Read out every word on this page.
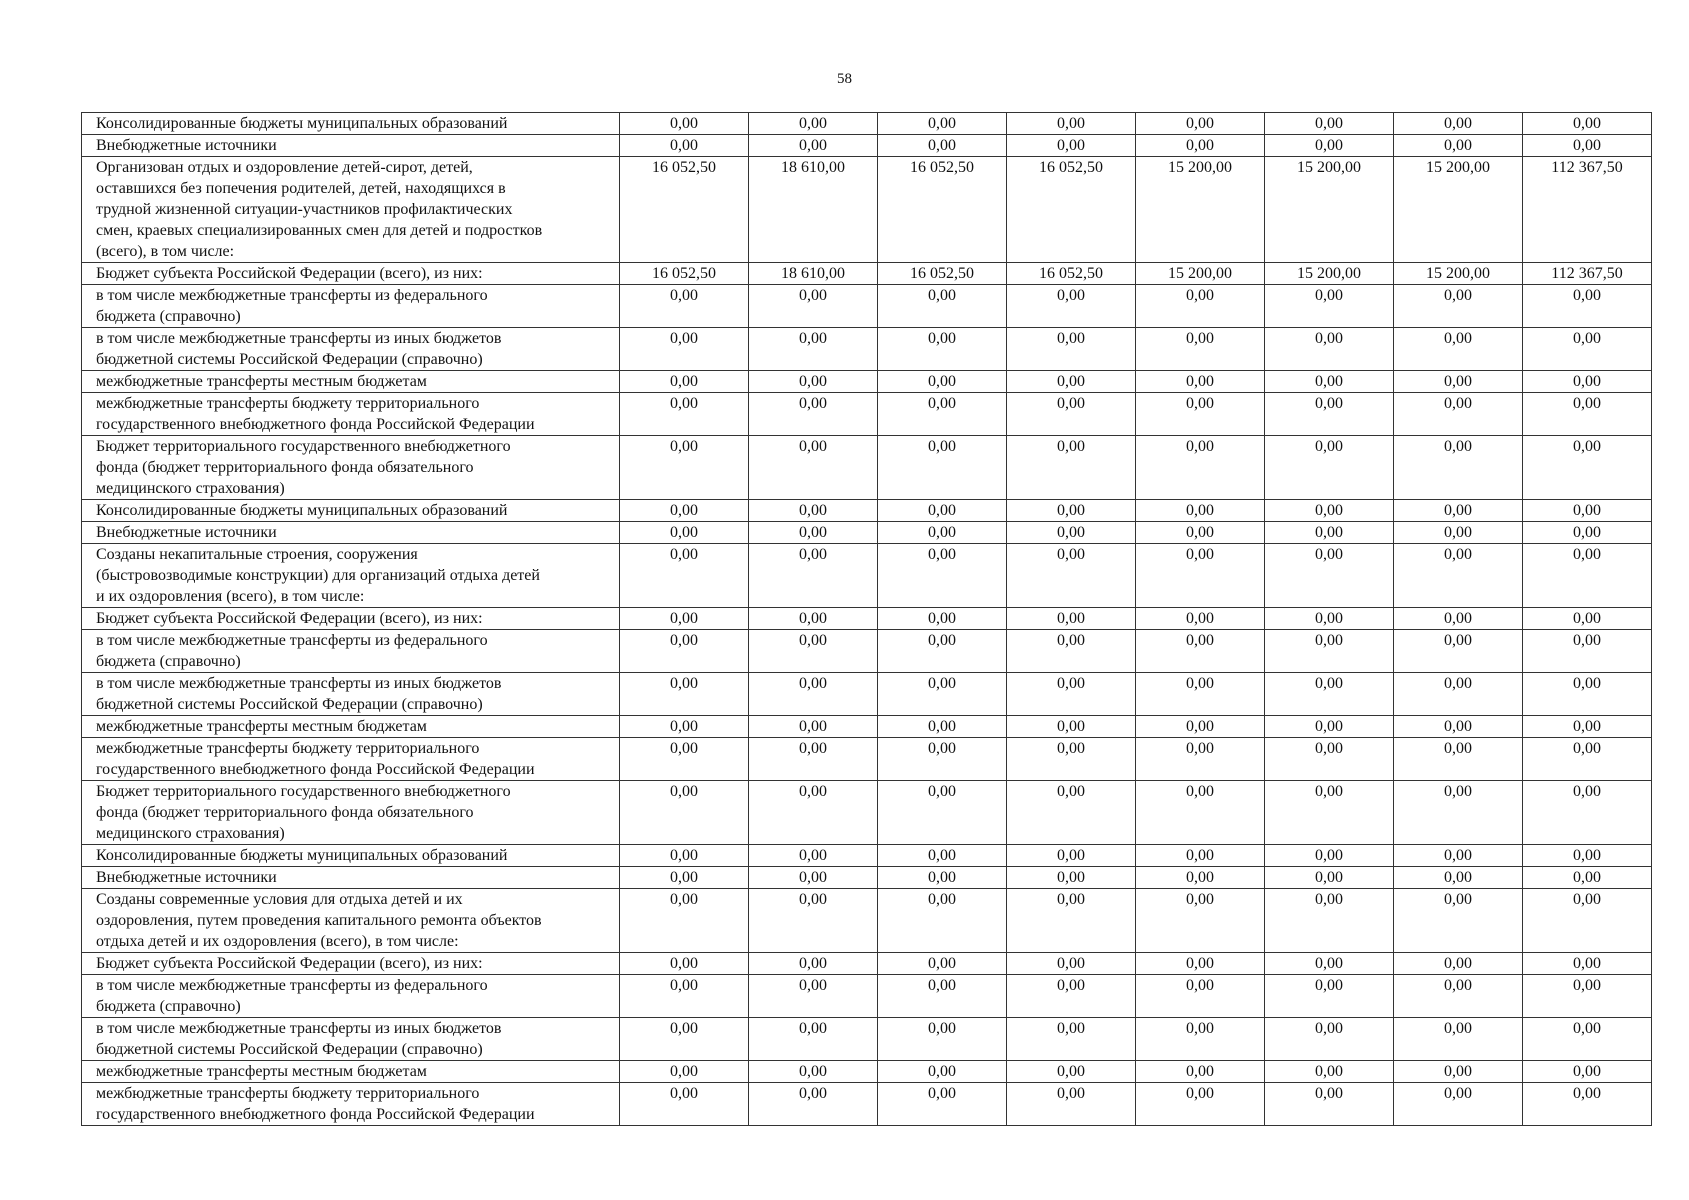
58
Консолидированные бюджеты муниципальных образований	0,00	0,00	0,00	0,00	0,00	0,00	0,00	0,00
Внебюджетные источники	0,00	0,00	0,00	0,00	0,00	0,00	0,00	0,00
Организован отдых и оздоровление детей-сирот, детей,
оставшихся без попечения родителей, детей, находящихся в
трудной жизненной ситуации-участников профилактических
смен, краевых специализированных смен для детей и подростков
(всего), в том числе:	16 052,50	18 610,00	16 052,50	16 052,50	15 200,00	15 200,00	15 200,00	112 367,50
Бюджет субъекта Российской Федерации (всего), из них:	16 052,50	18 610,00	16 052,50	16 052,50	15 200,00	15 200,00	15 200,00	112 367,50
в том числе межбюджетные трансферты из федерального
бюджета (справочно)	0,00	0,00	0,00	0,00	0,00	0,00	0,00	0,00
в том числе межбюджетные трансферты из иных бюджетов
бюджетной системы Российской Федерации (справочно)	0,00	0,00	0,00	0,00	0,00	0,00	0,00	0,00
межбюджетные трансферты местным бюджетам	0,00	0,00	0,00	0,00	0,00	0,00	0,00	0,00
межбюджетные трансферты бюджету территориального
государственного внебюджетного фонда Российской Федерации	0,00	0,00	0,00	0,00	0,00	0,00	0,00	0,00
Бюджет территориального государственного внебюджетного
фонда (бюджет территориального фонда обязательного
медицинского страхования)	0,00	0,00	0,00	0,00	0,00	0,00	0,00	0,00
Консолидированные бюджеты муниципальных образований	0,00	0,00	0,00	0,00	0,00	0,00	0,00	0,00
Внебюджетные источники	0,00	0,00	0,00	0,00	0,00	0,00	0,00	0,00
Созданы некапитальные строения, сооружения
(быстровозводимые конструкции) для организаций отдыха детей
и их оздоровления (всего), в том числе:	0,00	0,00	0,00	0,00	0,00	0,00	0,00	0,00
Бюджет субъекта Российской Федерации (всего), из них:	0,00	0,00	0,00	0,00	0,00	0,00	0,00	0,00
в том числе межбюджетные трансферты из федерального
бюджета (справочно)	0,00	0,00	0,00	0,00	0,00	0,00	0,00	0,00
в том числе межбюджетные трансферты из иных бюджетов
бюджетной системы Российской Федерации (справочно)	0,00	0,00	0,00	0,00	0,00	0,00	0,00	0,00
межбюджетные трансферты местным бюджетам	0,00	0,00	0,00	0,00	0,00	0,00	0,00	0,00
межбюджетные трансферты бюджету территориального
государственного внебюджетного фонда Российской Федерации	0,00	0,00	0,00	0,00	0,00	0,00	0,00	0,00
Бюджет территориального государственного внебюджетного
фонда (бюджет территориального фонда обязательного
медицинского страхования)	0,00	0,00	0,00	0,00	0,00	0,00	0,00	0,00
Консолидированные бюджеты муниципальных образований	0,00	0,00	0,00	0,00	0,00	0,00	0,00	0,00
Внебюджетные источники	0,00	0,00	0,00	0,00	0,00	0,00	0,00	0,00
Созданы современные условия для отдыха детей и их
оздоровления, путем проведения капитального ремонта объектов
отдыха детей и их оздоровления (всего), в том числе:	0,00	0,00	0,00	0,00	0,00	0,00	0,00	0,00
Бюджет субъекта Российской Федерации (всего), из них:	0,00	0,00	0,00	0,00	0,00	0,00	0,00	0,00
в том числе межбюджетные трансферты из федерального
бюджета (справочно)	0,00	0,00	0,00	0,00	0,00	0,00	0,00	0,00
в том числе межбюджетные трансферты из иных бюджетов
бюджетной системы Российской Федерации (справочно)	0,00	0,00	0,00	0,00	0,00	0,00	0,00	0,00
межбюджетные трансферты местным бюджетам	0,00	0,00	0,00	0,00	0,00	0,00	0,00	0,00
межбюджетные трансферты бюджету территориального
государственного внебюджетного фонда Российской Федерации	0,00	0,00	0,00	0,00	0,00	0,00	0,00	0,00
